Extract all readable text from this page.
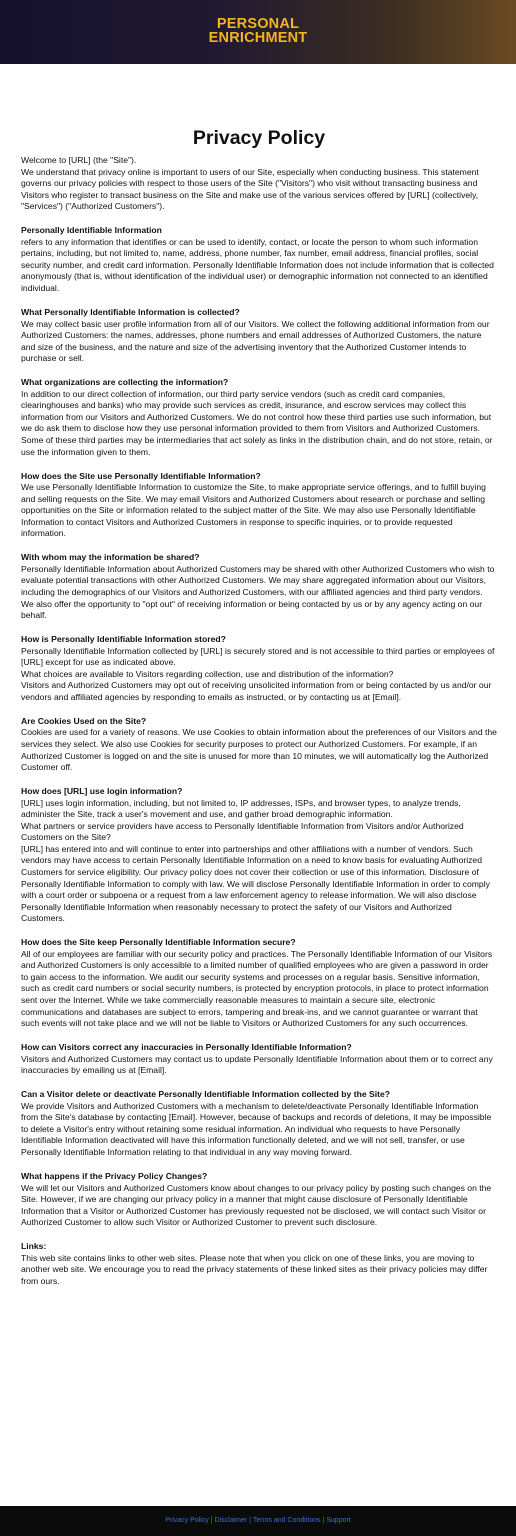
PERSONAL
ENRICHMENT
Privacy Policy

Welcome to [URL] (the "Site").

We understand that privacy online is important to users of our Site, especially when conducting business. This statement governs our privacy policies with respect to those users of the Site ("Visitors") who visit without transacting business and Visitors who register to transact business on the Site and make use of the various services offered by [URL] (collectively, "Services") ("Authorized Customers").

Personally Identifiable Information

refers to any information that identifies or can be used to identify, contact, or locate the person to whom such information pertains, including, but not limited to, name, address, phone number, fax number, email address, financial profiles, social security number, and credit card information. Personally Identifiable Information does not include information that is collected anonymously (that is, without identification of the individual user) or demographic information not connected to an identified individual.

What Personally Identifiable Information is collected?

We may collect basic user profile information from all of our Visitors. We collect the following additional information from our Authorized Customers: the names, addresses, phone numbers and email addresses of Authorized Customers, the nature and size of the business, and the nature and size of the advertising inventory that the Authorized Customer intends to purchase or sell.

What organizations are collecting the information?

In addition to our direct collection of information, our third party service vendors (such as credit card companies, clearinghouses and banks) who may provide such services as credit, insurance, and escrow services may collect this information from our Visitors and Authorized Customers. We do not control how these third parties use such information, but we do ask them to disclose how they use personal information provided to them from Visitors and Authorized Customers. Some of these third parties may be intermediaries that act solely as links in the distribution chain, and do not store, retain, or use the information given to them.

How does the Site use Personally Identifiable Information?

We use Personally Identifiable Information to customize the Site, to make appropriate service offerings, and to fulfill buying and selling requests on the Site. We may email Visitors and Authorized Customers about research or purchase and selling opportunities on the Site or information related to the subject matter of the Site. We may also use Personally Identifiable Information to contact Visitors and Authorized Customers in response to specific inquiries, or to provide requested information.

With whom may the information be shared?

Personally Identifiable Information about Authorized Customers may be shared with other Authorized Customers who wish to evaluate potential transactions with other Authorized Customers. We may share aggregated information about our Visitors, including the demographics of our Visitors and Authorized Customers, with our affiliated agencies and third party vendors. We also offer the opportunity to "opt out" of receiving information or being contacted by us or by any agency acting on our behalf.

How is Personally Identifiable Information stored?

Personally Identifiable Information collected by [URL] is securely stored and is not accessible to third parties or employees of [URL] except for use as indicated above.

What choices are available to Visitors regarding collection, use and distribution of the information?

Visitors and Authorized Customers may opt out of receiving unsolicited information from or being contacted by us and/or our vendors and affiliated agencies by responding to emails as instructed, or by contacting us at [Email].

Are Cookies Used on the Site?

Cookies are used for a variety of reasons. We use Cookies to obtain information about the preferences of our Visitors and the services they select. We also use Cookies for security purposes to protect our Authorized Customers. For example, if an Authorized Customer is logged on and the site is unused for more than 10 minutes, we will automatically log the Authorized Customer off.

How does [URL] use login information?

[URL] uses login information, including, but not limited to, IP addresses, ISPs, and browser types, to analyze trends, administer the Site, track a user's movement and use, and gather broad demographic information.

What partners or service providers have access to Personally Identifiable Information from Visitors and/or Authorized Customers on the Site?

[URL] has entered into and will continue to enter into partnerships and other affiliations with a number of vendors. Such vendors may have access to certain Personally Identifiable Information on a need to know basis for evaluating Authorized Customers for service eligibility. Our privacy policy does not cover their collection or use of this information. Disclosure of Personally Identifiable Information to comply with law. We will disclose Personally Identifiable Information in order to comply with a court order or subpoena or a request from a law enforcement agency to release information. We will also disclose Personally Identifiable Information when reasonably necessary to protect the safety of our Visitors and Authorized Customers.

How does the Site keep Personally Identifiable Information secure?

All of our employees are familiar with our security policy and practices. The Personally Identifiable Information of our Visitors and Authorized Customers is only accessible to a limited number of qualified employees who are given a password in order to gain access to the information. We audit our security systems and processes on a regular basis. Sensitive information, such as credit card numbers or social security numbers, is protected by encryption protocols, in place to protect information sent over the Internet. While we take commercially reasonable measures to maintain a secure site, electronic communications and databases are subject to errors, tampering and break-ins, and we cannot guarantee or warrant that such events will not take place and we will not be liable to Visitors or Authorized Customers for any such occurrences.

How can Visitors correct any inaccuracies in Personally Identifiable Information?

Visitors and Authorized Customers may contact us to update Personally Identifiable Information about them or to correct any inaccuracies by emailing us at [Email].

Can a Visitor delete or deactivate Personally Identifiable Information collected by the Site?

We provide Visitors and Authorized Customers with a mechanism to delete/deactivate Personally Identifiable Information from the Site's database by contacting [Email]. However, because of backups and records of deletions, it may be impossible to delete a Visitor's entry without retaining some residual information. An individual who requests to have Personally Identifiable Information deactivated will have this information functionally deleted, and we will not sell, transfer, or use Personally Identifiable Information relating to that individual in any way moving forward.

What happens if the Privacy Policy Changes?

We will let our Visitors and Authorized Customers know about changes to our privacy policy by posting such changes on the Site. However, if we are changing our privacy policy in a manner that might cause disclosure of Personally Identifiable Information that a Visitor or Authorized Customer has previously requested not be disclosed, we will contact such Visitor or Authorized Customer to allow such Visitor or Authorized Customer to prevent such disclosure.

Links:

This web site contains links to other web sites. Please note that when you click on one of these links, you are moving to another web site. We encourage you to read the privacy statements of these linked sites as their privacy policies may differ from ours.

Privacy Policy | Disclaimer | Terms and Conditions | Support
